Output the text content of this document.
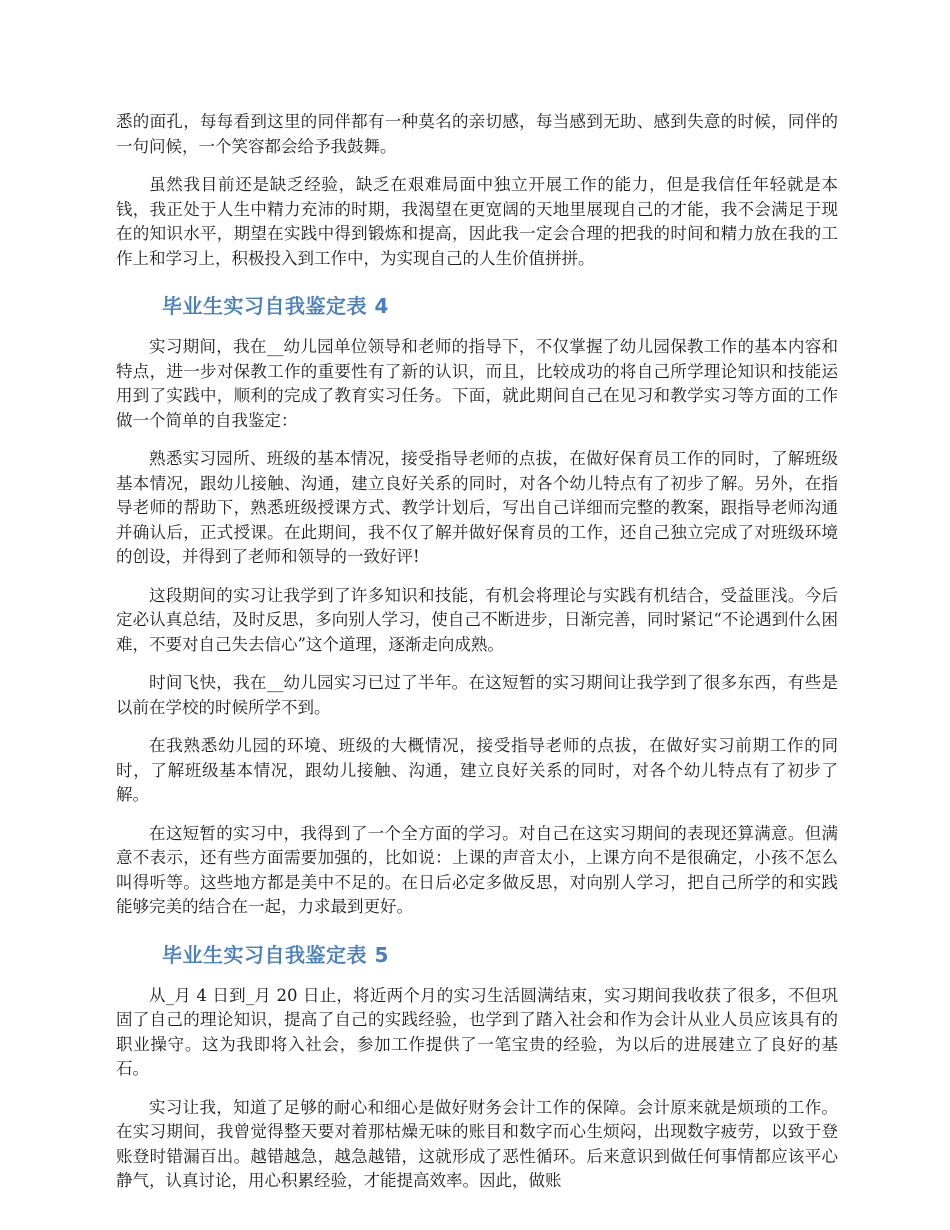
悉的面孔，每每看到这里的同伴都有一种莫名的亲切感，每当感到无助、感到失意的时候，同伴的一句问候，一个笑容都会给予我鼓舞。

虽然我目前还是缺乏经验，缺乏在艰难局面中独立开展工作的能力，但是我信任年轻就是本钱，我正处于人生中精力充沛的时期，我渴望在更宽阔的天地里展现自己的才能，我不会满足于现在的知识水平，期望在实践中得到锻炼和提高，因此我一定会合理的把我的时间和精力放在我的工作上和学习上，积极投入到工作中，为实现自己的人生价值拼拼。

毕业生实习自我鉴定表 4

实习期间，我在__幼儿园单位领导和老师的指导下，不仅掌握了幼儿园保教工作的基本内容和特点，进一步对保教工作的重要性有了新的认识，而且，比较成功的将自己所学理论知识和技能运用到了实践中，顺利的完成了教育实习任务。下面，就此期间自己在见习和教学实习等方面的工作做一个简单的自我鉴定：

熟悉实习园所、班级的基本情况，接受指导老师的点拔，在做好保育员工作的同时，了解班级基本情况，跟幼儿接触、沟通，建立良好关系的同时，对各个幼儿特点有了初步了解。另外，在指导老师的帮助下，熟悉班级授课方式、教学计划后，写出自己详细而完整的教案，跟指导老师沟通并确认后，正式授课。在此期间，我不仅了解并做好保育员的工作，还自己独立完成了对班级环境的创设，并得到了老师和领导的一致好评!

这段期间的实习让我学到了许多知识和技能，有机会将理论与实践有机结合，受益匪浅。今后定必认真总结，及时反思，多向别人学习，使自己不断进步，日渐完善，同时紧记“不论遇到什么困难，不要对自己失去信心”这个道理，逐渐走向成熟。

时间飞快，我在__幼儿园实习已过了半年。在这短暂的实习期间让我学到了很多东西，有些是以前在学校的时候所学不到。

在我熟悉幼儿园的环境、班级的大概情况，接受指导老师的点拔，在做好实习前期工作的同时，了解班级基本情况，跟幼儿接触、沟通，建立良好关系的同时，对各个幼儿特点有了初步了解。

在这短暂的实习中，我得到了一个全方面的学习。对自己在这实习期间的表现还算满意。但满意不表示，还有些方面需要加强的，比如说：上课的声音太小，上课方向不是很确定，小孩不怎么叫得听等。这些地方都是美中不足的。在日后必定多做反思，对向别人学习，把自己所学的和实践能够完美的结合在一起，力求最到更好。

毕业生实习自我鉴定表 5

从_月 4 日到_月 20 日止，将近两个月的实习生活圆满结束，实习期间我收获了很多，不但巩固了自己的理论知识，提高了自己的实践经验，也学到了踏入社会和作为会计从业人员应该具有的职业操守。这为我即将入社会，参加工作提供了一笔宝贵的经验，为以后的进展建立了良好的基石。

实习让我，知道了足够的耐心和细心是做好财务会计工作的保障。会计原来就是烦琐的工作。在实习期间，我曾觉得整天要对着那枯燥无味的账目和数字而心生烦闷，出现数字疲劳，以致于登账登时错漏百出。越错越急，越急越错，这就形成了恶性循环。后来意识到做任何事情都应该平心静气，认真讨论，用心积累经验，才能提高效率。因此，做账
